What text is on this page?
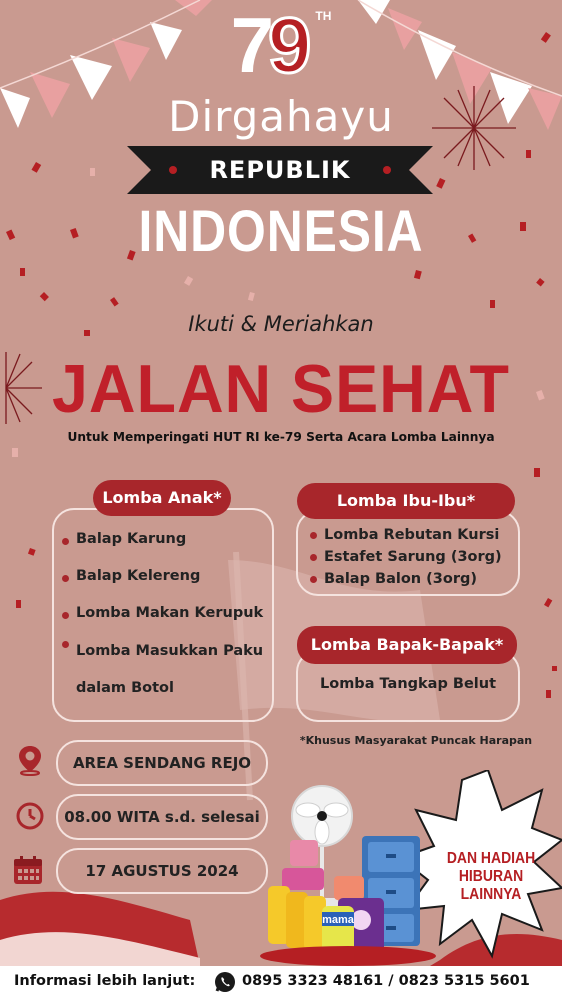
79 $^{TH}$
Dirgahayu
REPUBLIK
INDONESIA
Ikuti & Meriahkan
JALAN SEHAT
Untuk Memperingati HUT RI ke-79 Serta Acara Lomba Lainnya
Lomba Anak*
Balap Karung
Balap Kelereng
Lomba Makan Kerupuk
Lomba Masukkan Paku dalam Botol
Lomba Ibu-Ibu*
Lomba Rebutan Kursi
Estafet Sarung (3org)
Balap Balon (3org)
Lomba Bapak-Bapak*
Lomba Tangkap Belut
*Khusus Masyarakat Puncak Harapan
AREA SENDANG REJO
08.00 WITA s.d. selesai
17 AGUSTUS 2024
DAN HADIAH
HIBURAN
LAINNYA
mama
Informasi lebih lanjut:	0895 3323 48161 / 0823 5315 5601
